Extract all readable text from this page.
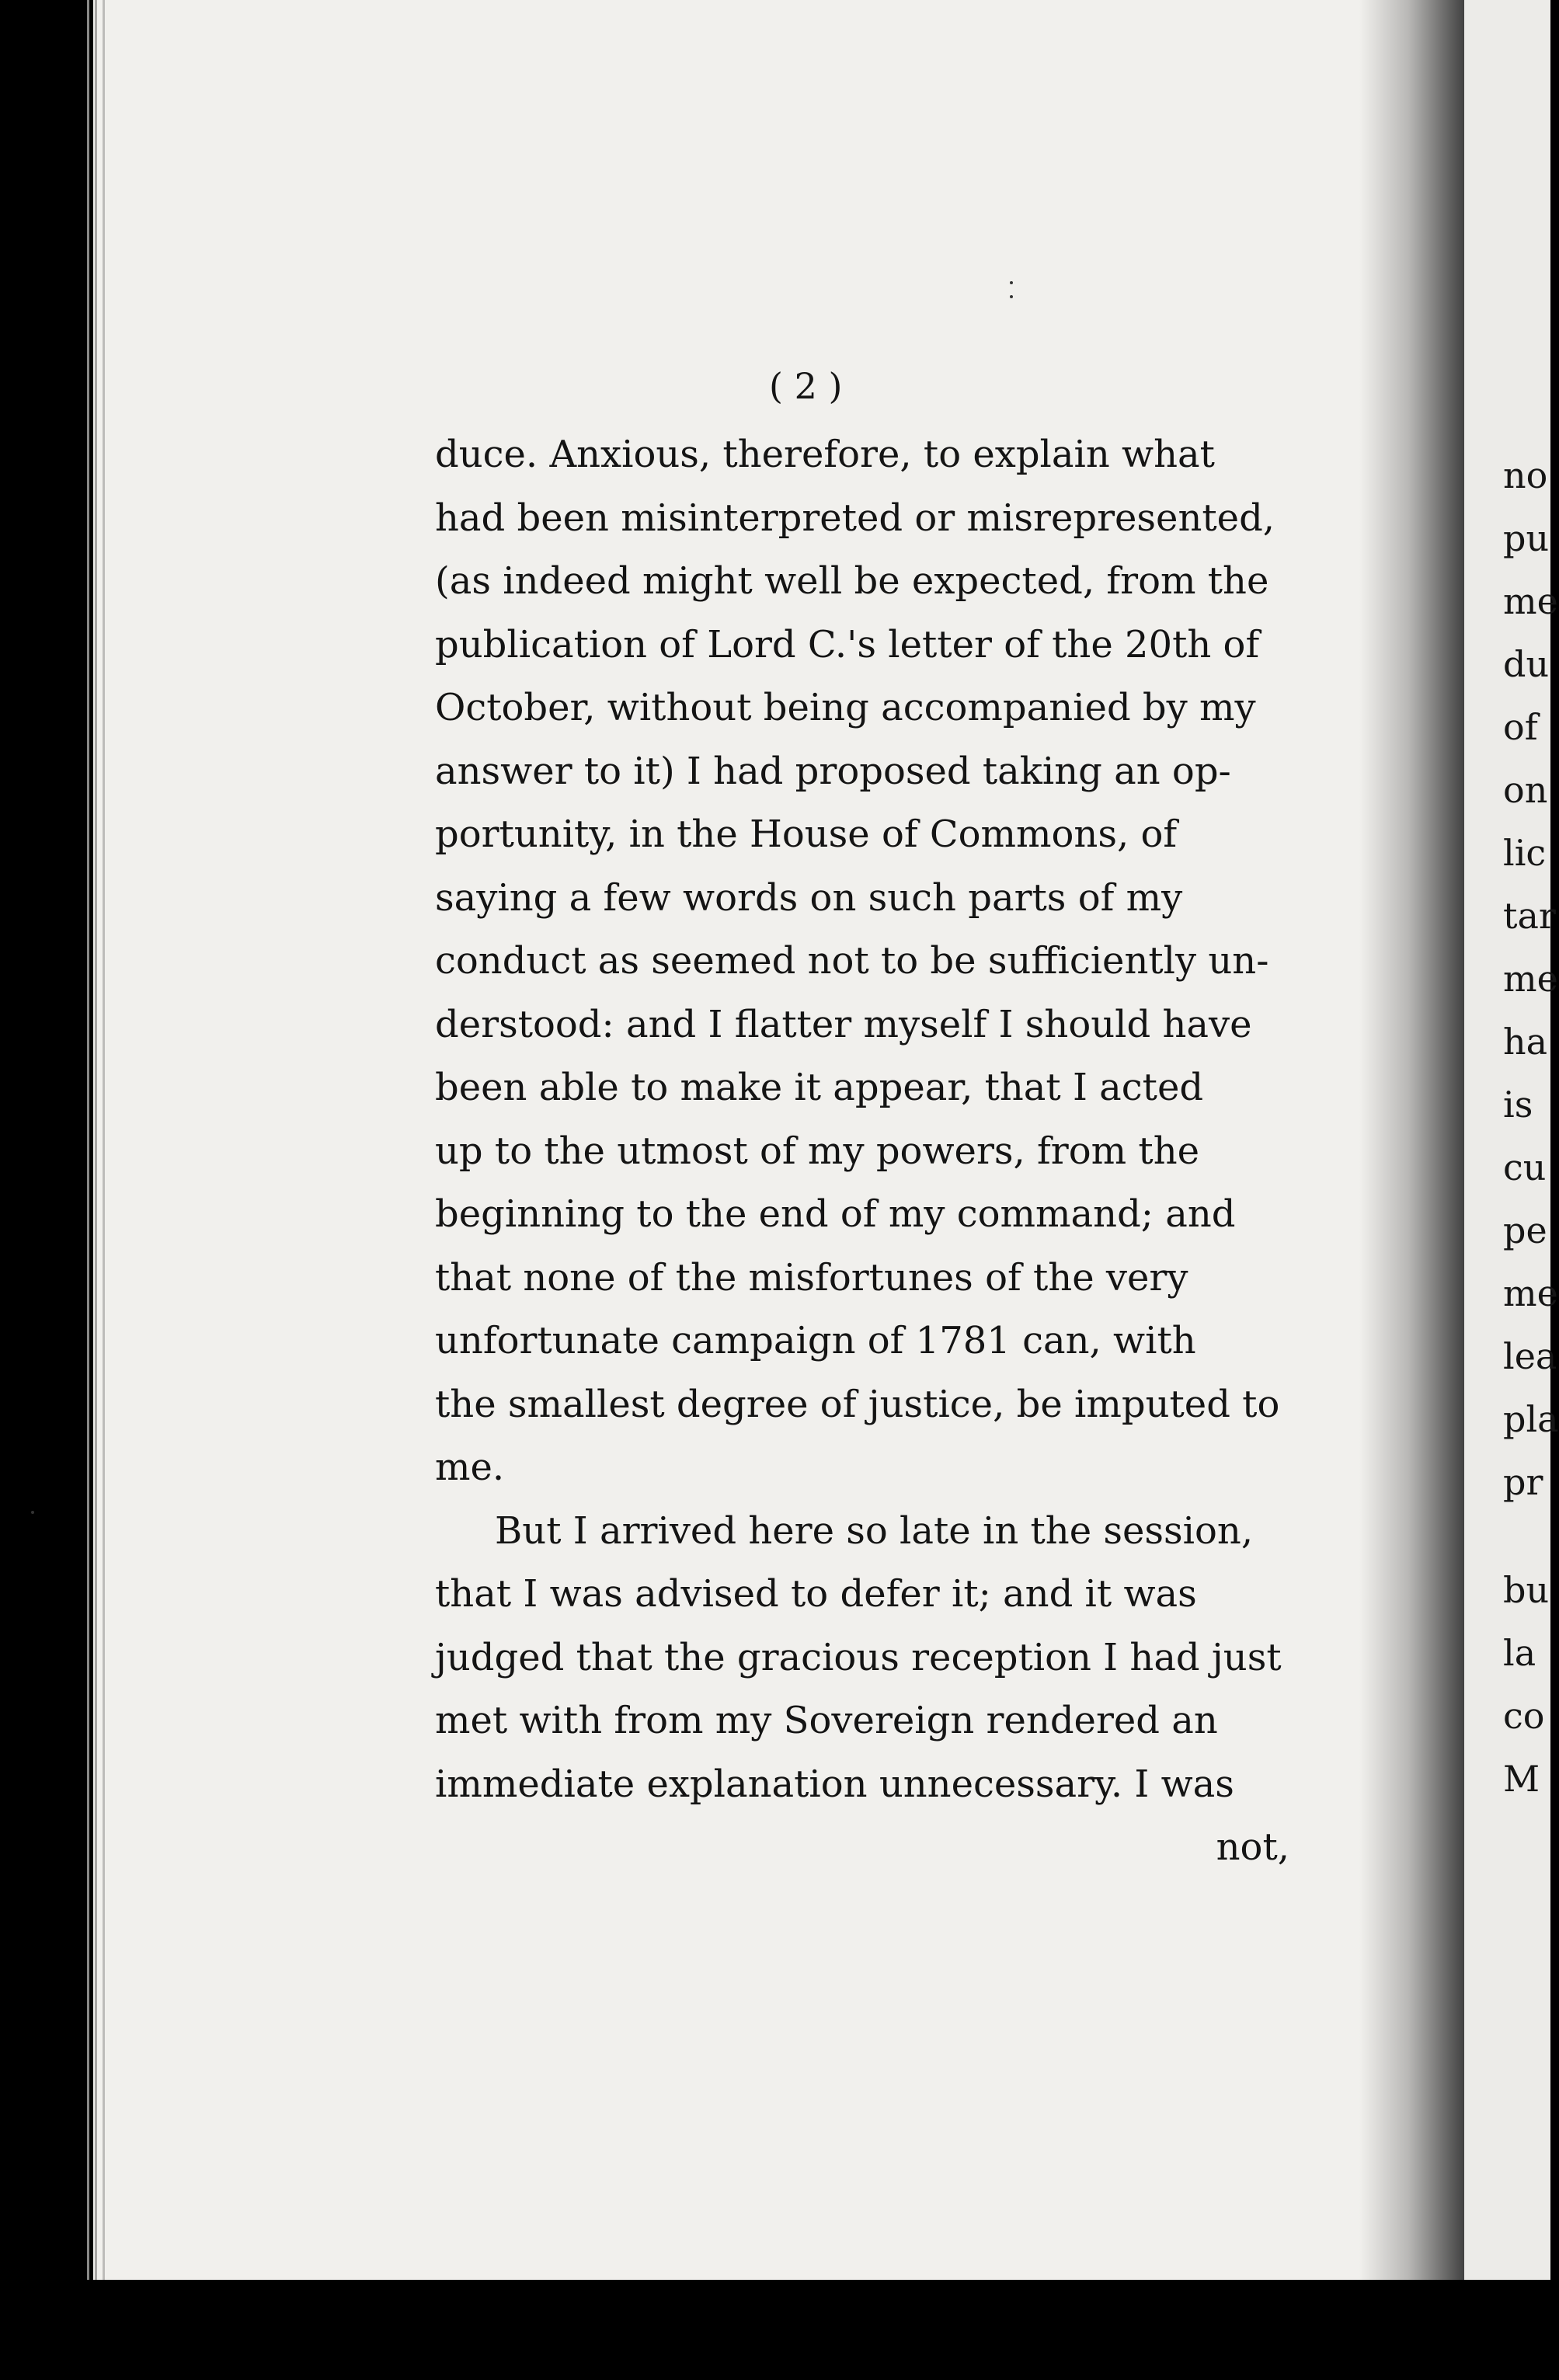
no
pu
me
du
of
on
lic
tar
me
ha
is
cu
pe
me
lea
pla
pr
bu
la
co
M
( 2 )
duce. Anxious, therefore, to explain what
had been misinterpreted or misrepresented,
(as indeed might well be expected, from the
publication of Lord C.'s letter of the 20th of
October, without being accompanied by my
answer to it) I had proposed taking an op-
portunity, in the House of Commons, of
saying a few words on such parts of my
conduct as seemed not to be sufficiently un-
derstood: and I flatter myself I should have
been able to make it appear, that I acted
up to the utmost of my powers, from the
beginning to the end of my command; and
that none of the misfortunes of the very
unfortunate campaign of 1781 can, with
the smallest degree of justice, be imputed to
me.
But I arrived here so late in the session,
that I was advised to defer it; and it was
judged that the gracious reception I had just
met with from my Sovereign rendered an
immediate explanation unnecessary. I was
not,
